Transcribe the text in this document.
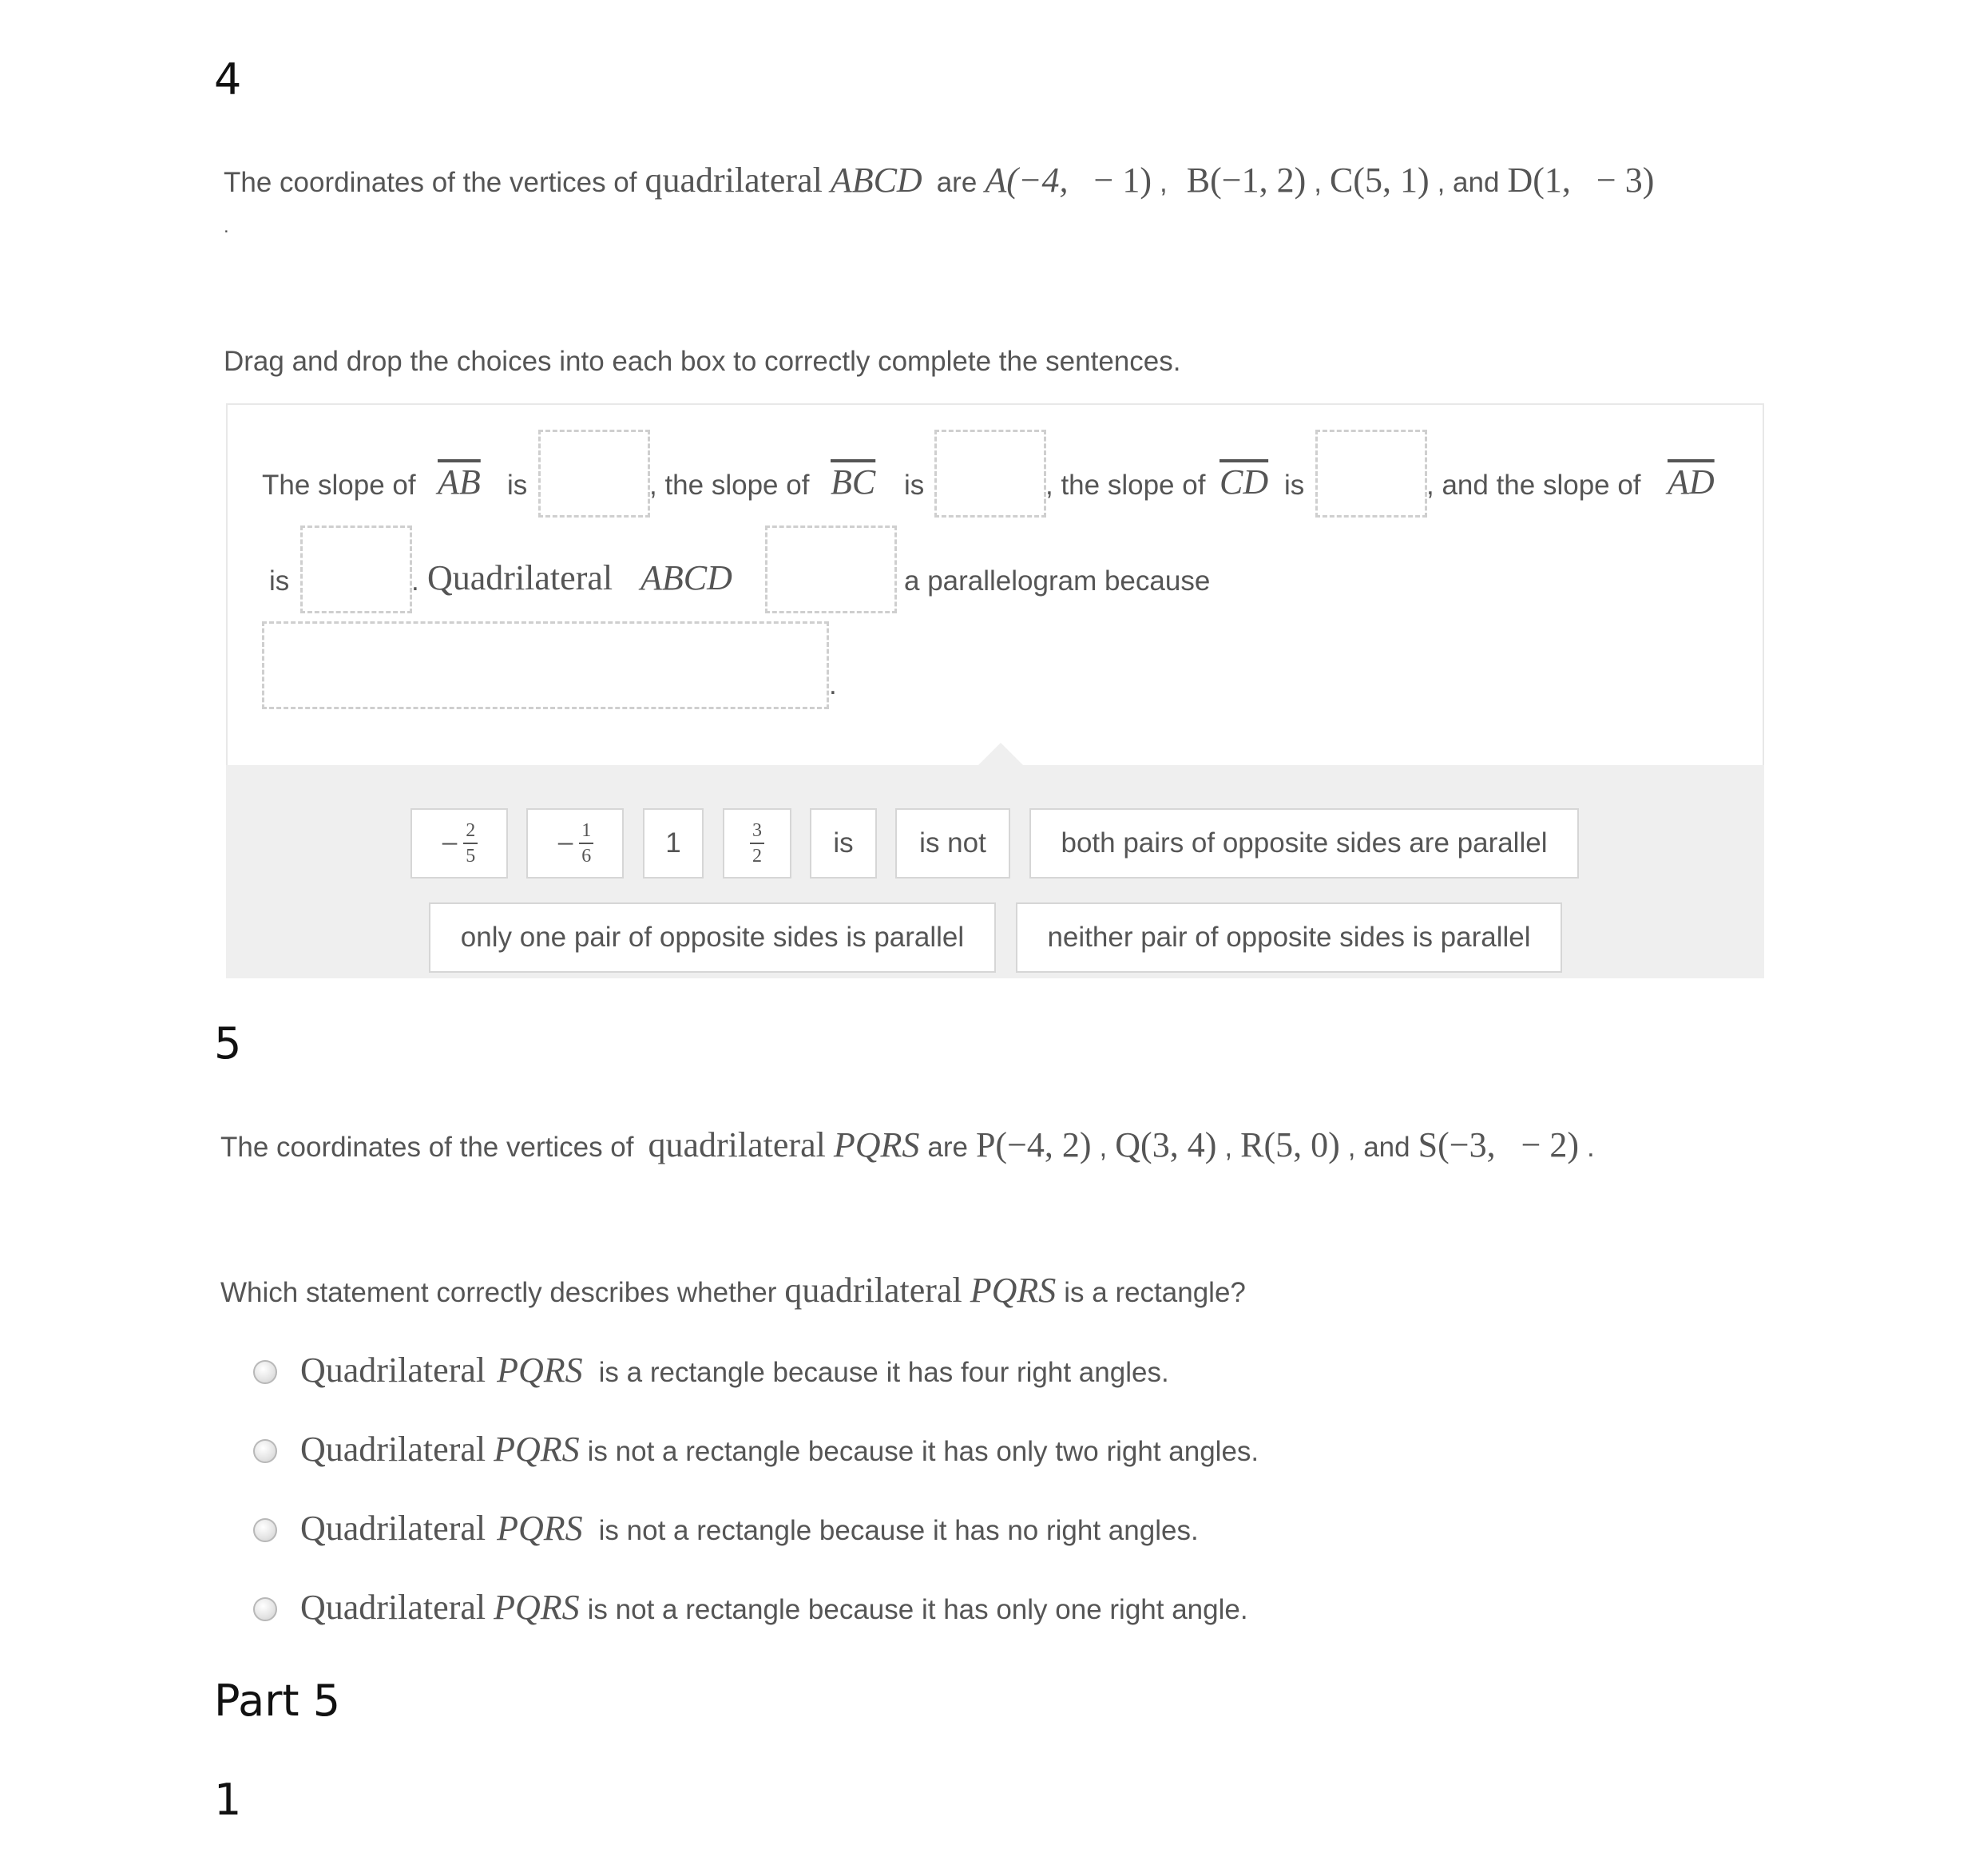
4
The coordinates of the vertices of quadrilateral ABCD are A(−4, − 1) , B(−1, 2) , C(5, 1) , and D(1, − 3)
.
Drag and drop the choices into each box to correctly complete the sentences.
The slope of $\overline{AB}$ is	, the slope of $\overline{BC}$ is	, the slope of $\overline{CD}$ is	, and the slope of $\overline{AD}$
is	. Quadrilateral ABCD	a parallelogram because
.
− $\frac{2}{5} - \frac{1}{6}$	1	$\frac{3}{2}$	is	is not	both pairs of opposite sides are parallel
only one pair of opposite sides is parallel	neither pair of opposite sides is parallel
5
The coordinates of the vertices of quadrilateral PQRS are P(−4, 2) , Q(3, 4) , R(5, 0) , and S(−3, − 2) .
Which statement correctly describes whether quadrilateral PQRS is a rectangle?
Quadrilateral PQRS is a rectangle because it has four right angles.
Quadrilateral PQRS is not a rectangle because it has only two right angles.
Quadrilateral PQRS is not a rectangle because it has no right angles.
Quadrilateral PQRS is not a rectangle because it has only one right angle.
Part 5
1
